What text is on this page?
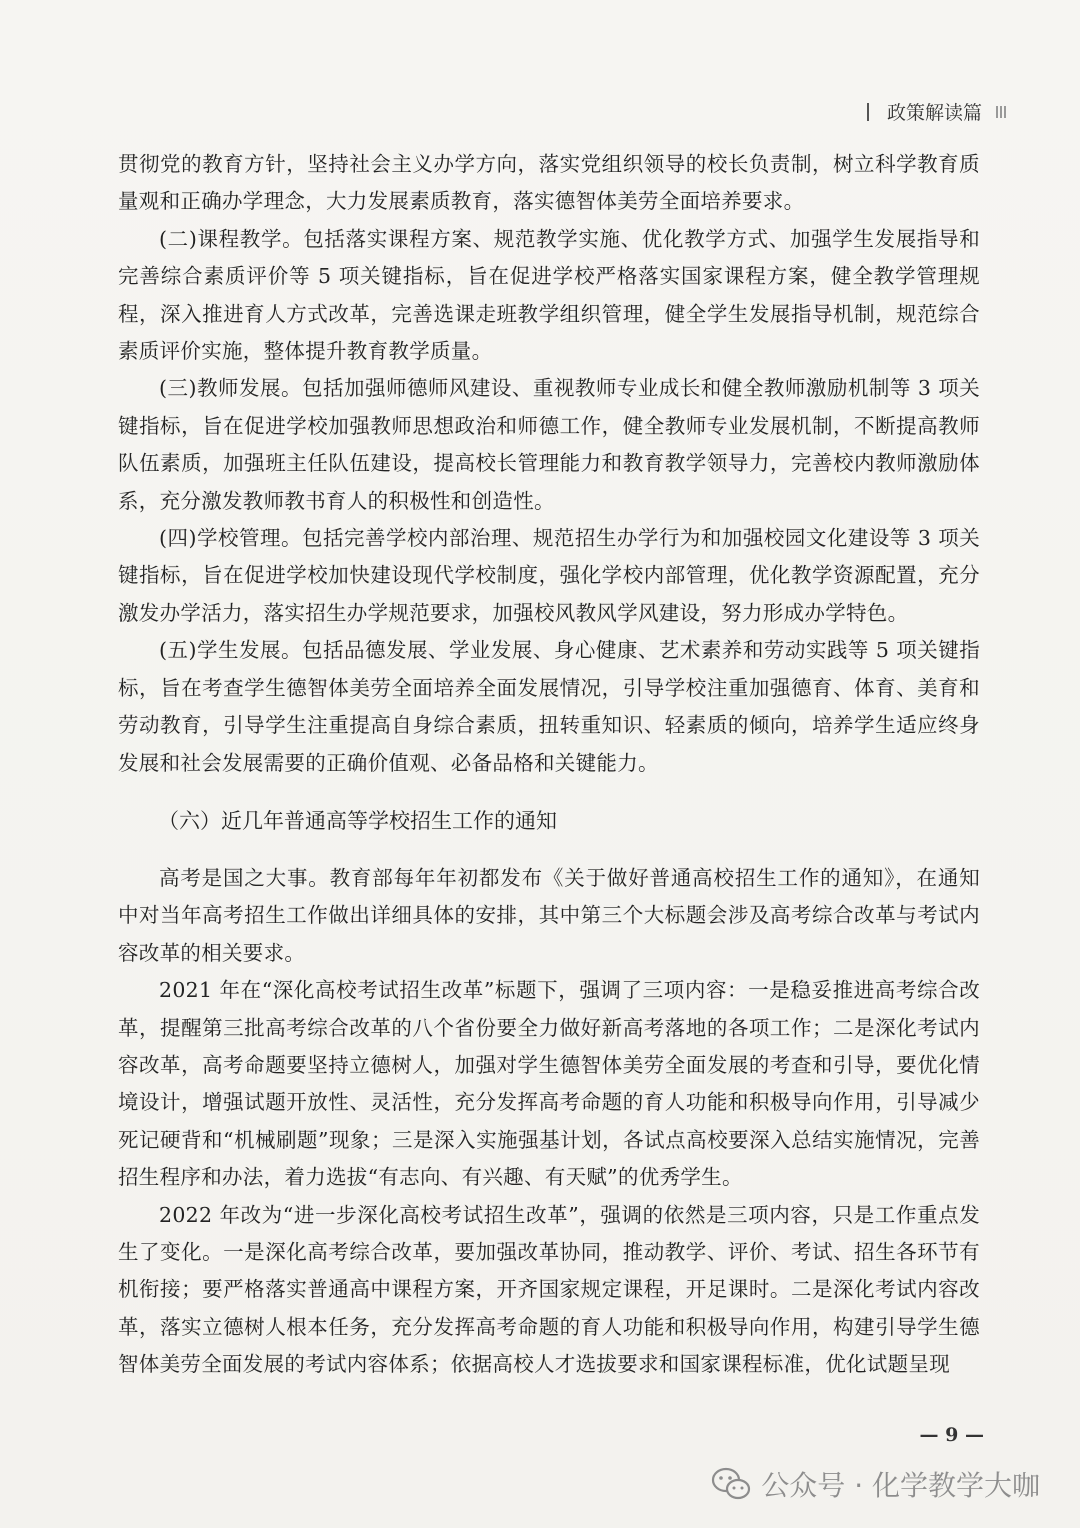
政策解读篇

贯彻党的教育方针，坚持社会主义办学方向，落实党组织领导的校长负责制，树立科学教育质量观和正确办学理念，大力发展素质教育，落实德智体美劳全面培养要求。

(二)课程教学。包括落实课程方案、规范教学实施、优化教学方式、加强学生发展指导和完善综合素质评价等 5 项关键指标，旨在促进学校严格落实国家课程方案，健全教学管理规程，深入推进育人方式改革，完善选课走班教学组织管理，健全学生发展指导机制，规范综合素质评价实施，整体提升教育教学质量。

(三)教师发展。包括加强师德师风建设、重视教师专业成长和健全教师激励机制等 3 项关键指标，旨在促进学校加强教师思想政治和师德工作，健全教师专业发展机制，不断提高教师队伍素质，加强班主任队伍建设，提高校长管理能力和教育教学领导力，完善校内教师激励体系，充分激发教师教书育人的积极性和创造性。

(四)学校管理。包括完善学校内部治理、规范招生办学行为和加强校园文化建设等 3 项关键指标，旨在促进学校加快建设现代学校制度，强化学校内部管理，优化教学资源配置，充分激发办学活力，落实招生办学规范要求，加强校风教风学风建设，努力形成办学特色。

(五)学生发展。包括品德发展、学业发展、身心健康、艺术素养和劳动实践等 5 项关键指标，旨在考查学生德智体美劳全面培养全面发展情况，引导学校注重加强德育、体育、美育和劳动教育，引导学生注重提高自身综合素质，扭转重知识、轻素质的倾向，培养学生适应终身发展和社会发展需要的正确价值观、必备品格和关键能力。

（六）近几年普通高等学校招生工作的通知

高考是国之大事。教育部每年年初都发布《关于做好普通高校招生工作的通知》，在通知中对当年高考招生工作做出详细具体的安排，其中第三个大标题会涉及高考综合改革与考试内容改革的相关要求。

2021 年在“深化高校考试招生改革”标题下，强调了三项内容：一是稳妥推进高考综合改革，提醒第三批高考综合改革的八个省份要全力做好新高考落地的各项工作；二是深化考试内容改革，高考命题要坚持立德树人，加强对学生德智体美劳全面发展的考查和引导，要优化情境设计，增强试题开放性、灵活性，充分发挥高考命题的育人功能和积极导向作用，引导减少死记硬背和“机械刷题”现象；三是深入实施强基计划，各试点高校要深入总结实施情况，完善招生程序和办法，着力选拔“有志向、有兴趣、有天赋”的优秀学生。

2022 年改为“进一步深化高校考试招生改革”，强调的依然是三项内容，只是工作重点发生了变化。一是深化高考综合改革，要加强改革协同，推动教学、评价、考试、招生各环节有机衔接；要严格落实普通高中课程方案，开齐国家规定课程，开足课时。二是深化考试内容改革，落实立德树人根本任务，充分发挥高考命题的育人功能和积极导向作用，构建引导学生德智体美劳全面发展的考试内容体系；依据高校人才选拔要求和国家课程标准，优化试题呈现

— 9 —
公众号 · 化学教学大咖
